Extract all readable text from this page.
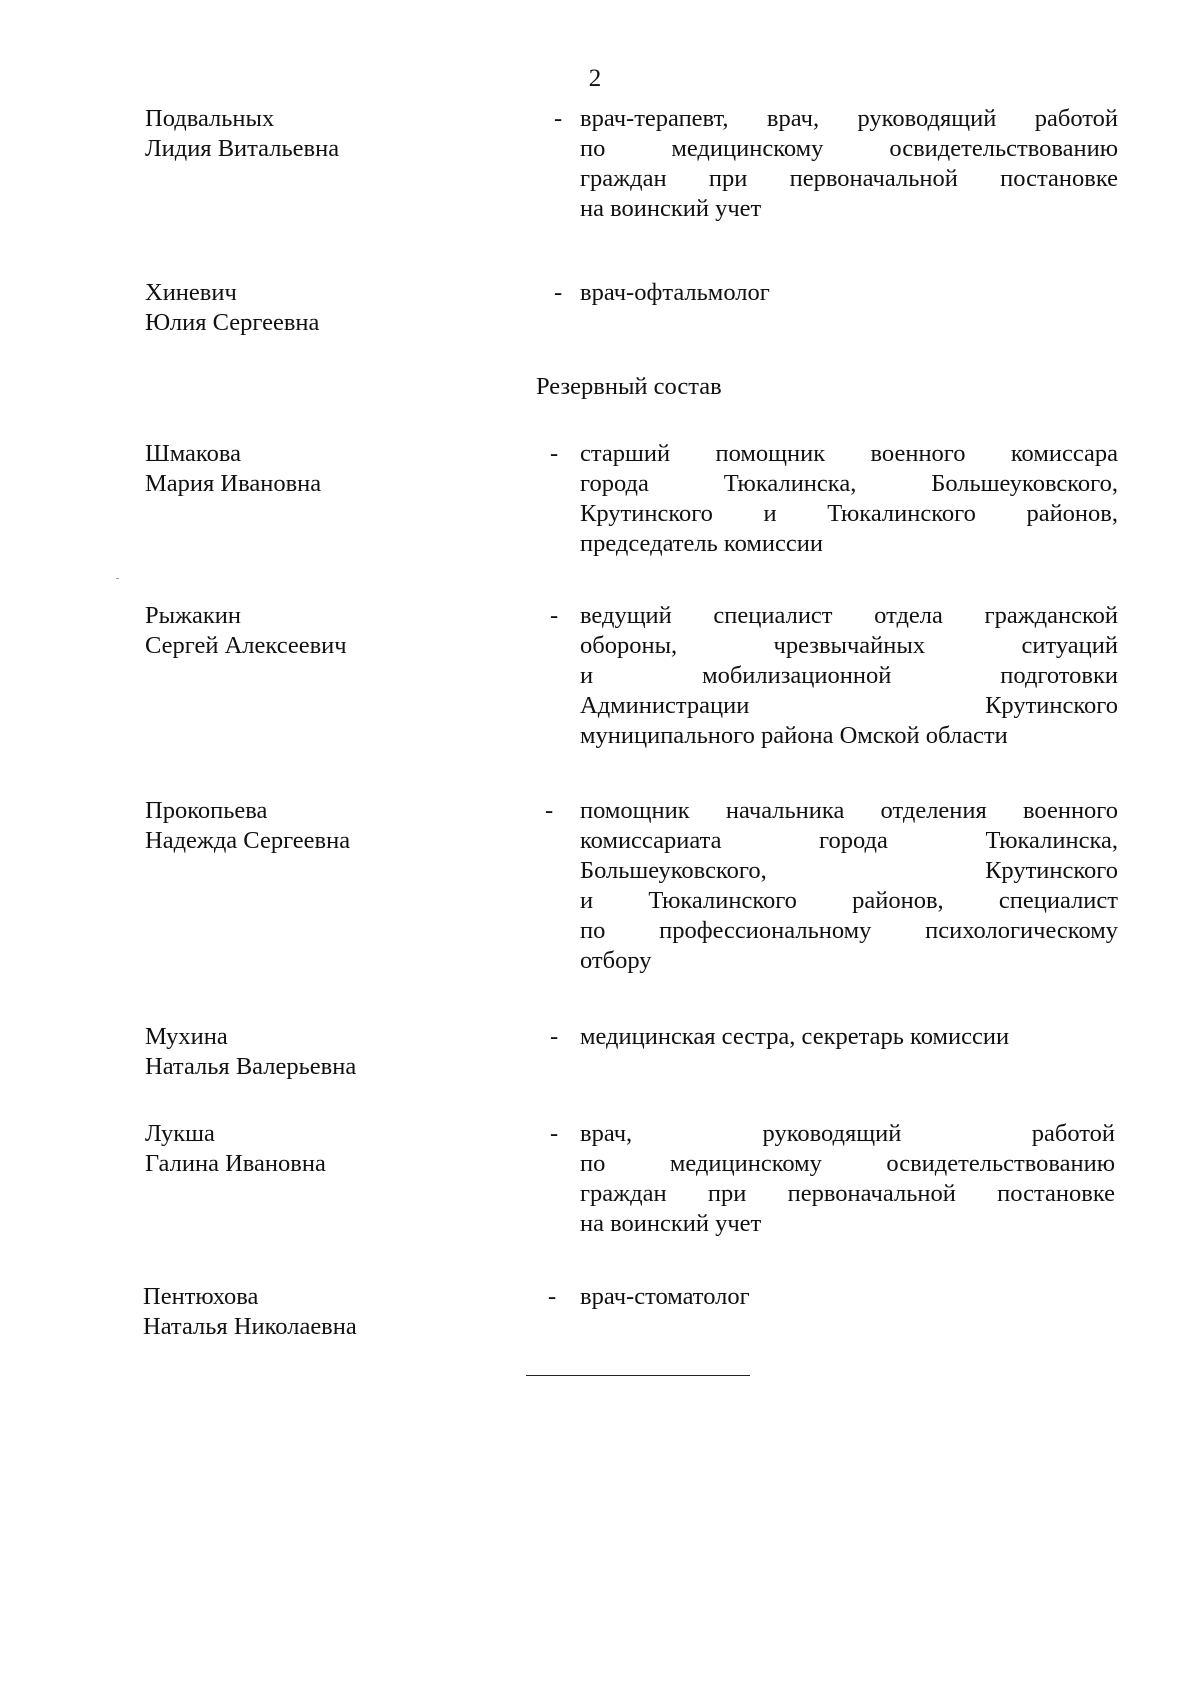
2
Подвальных
Лидия Витальевна
- врач-терапевт, врач, руководящий работой
по медицинскому освидетельствованию
граждан при первоначальной постановке
на воинский учет
Хиневич
Юлия Сергеевна
- врач-офтальмолог
Резервный состав
Шмакова
Мария Ивановна
- старший помощник военного комиссара
города Тюкалинска, Большеуковского,
Крутинского и Тюкалинского районов,
председатель комиссии
Рыжакин
Сергей Алексеевич
- ведущий специалист отдела гражданской
обороны, чрезвычайных ситуаций
и мобилизационной подготовки
Администрации Крутинского
муниципального района Омской области
Прокопьева
Надежда Сергеевна
-	помощник начальника отделения военного
комиссариата города Тюкалинска,
Большеуковского, Крутинского
и Тюкалинского районов, специалист
по профессиональному психологическому
отбору
Мухина
Наталья Валерьевна
- медицинская сестра, секретарь комиссии
Лукша
Галина Ивановна
- врач, руководящий работой
по медицинскому освидетельствованию
граждан при первоначальной постановке
на воинский учет
Пентюхова
Наталья Николаевна
- врач-стоматолог
